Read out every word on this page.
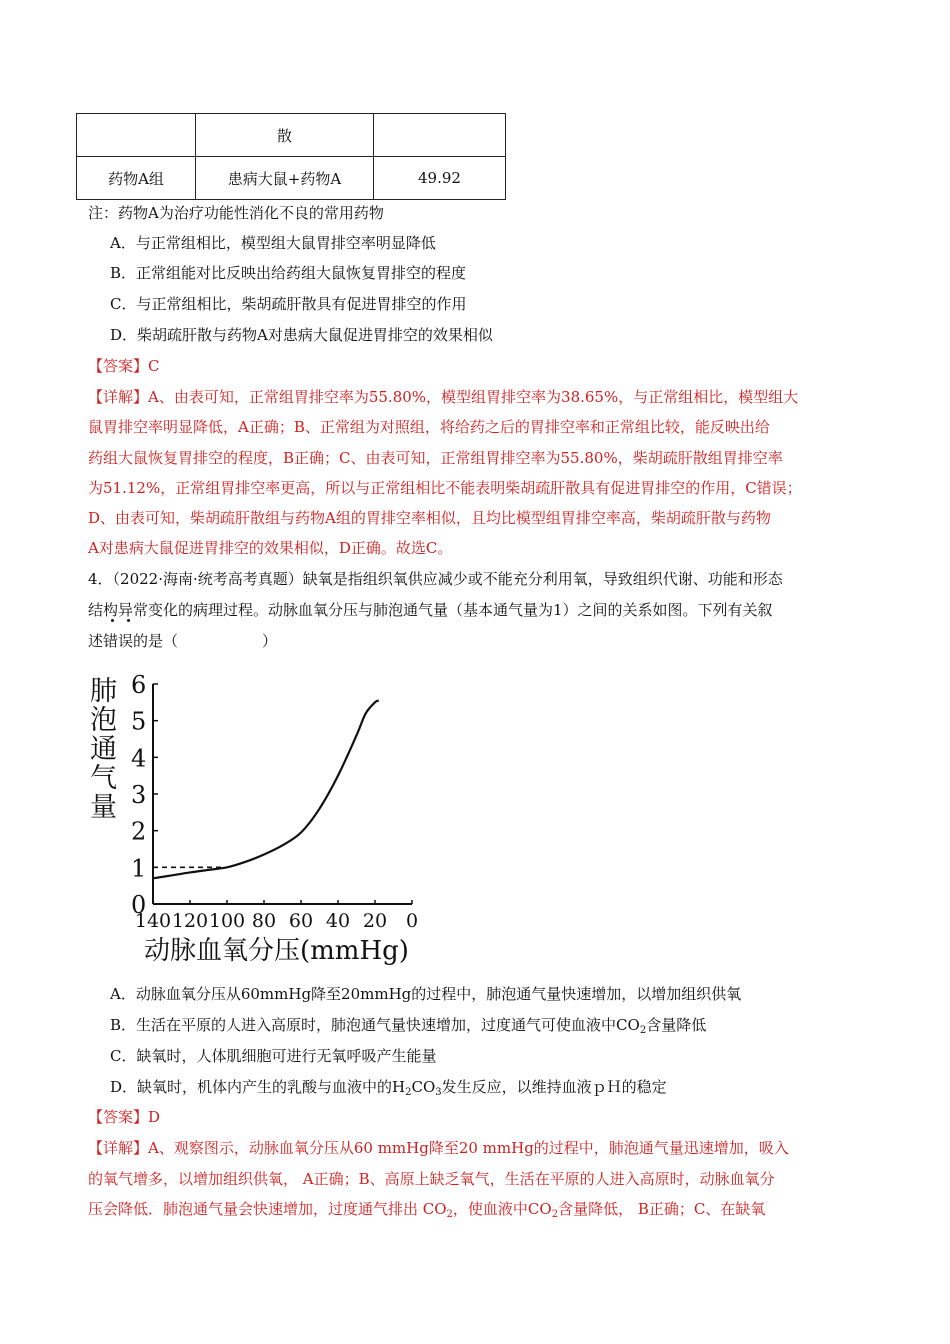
	散	
药物A组	患病大鼠+药物A	49.92
注：药物A为治疗功能性消化不良的常用药物
A．与正常组相比，模型组大鼠胃排空率明显降低
B．正常组能对比反映出给药组大鼠恢复胃排空的程度
C．与正常组相比，柴胡疏肝散具有促进胃排空的作用
D．柴胡疏肝散与药物A对患病大鼠促进胃排空的效果相似
【答案】C
【详解】A、由表可知，正常组胃排空率为55.80%，模型组胃排空率为38.65%，与正常组相比，模型组大
鼠胃排空率明显降低，A正确；B、正常组为对照组，将给药之后的胃排空率和正常组比较，能反映出给
药组大鼠恢复胃排空的程度，B正确；C、由表可知，正常组胃排空率为55.80%，柴胡疏肝散组胃排空率
为51.12%，正常组胃排空率更高，所以与正常组相比不能表明柴胡疏肝散具有促进胃排空的作用，C错误；
D、由表可知，柴胡疏肝散组与药物A组的胃排空率相似，且均比模型组胃排空率高，柴胡疏肝散与药物
A对患病大鼠促进胃排空的效果相似，D正确。故选C。
4．（2022·海南·统考高考真题）缺氧是指组织氧供应减少或不能充分利用氧，导致组织代谢、功能和形态
结构异常变化的病理过程。动脉血氧分压与肺泡通气量（基本通气量为1）之间的关系如图。下列有关叙
述错误的是（	）
肺
泡
通
气
量
0
1
2
3
4
5
6
140 120 100 80 60 40 20 0
动脉血氧分压(mmHg)
A．动脉血氧分压从60mmHg降至20mmHg的过程中，肺泡通气量快速增加，以增加组织供氧
B．生活在平原的人进入高原时，肺泡通气量快速增加，过度通气可使血液中$CO_2$含量降低
C．缺氧时，人体肌细胞可进行无氧呼吸产生能量
D．缺氧时，机体内产生的乳酸与血液中的$H_2CO_3$发生反应，以维持血液ｐＨ的稳定
【答案】D
【详解】A、观察图示，动脉血氧分压从60 mmHg降至20 mmHg的过程中，肺泡通气量迅速增加，吸入
的氧气增多，以增加组织供氧， A正确；B、高原上缺乏氧气，生活在平原的人进入高原时，动脉血氧分
压会降低．肺泡通气量会快速增加，过度通气排出 $CO_2$，使血液中$CO_2$含量降低， B正确；C、在缺氧
